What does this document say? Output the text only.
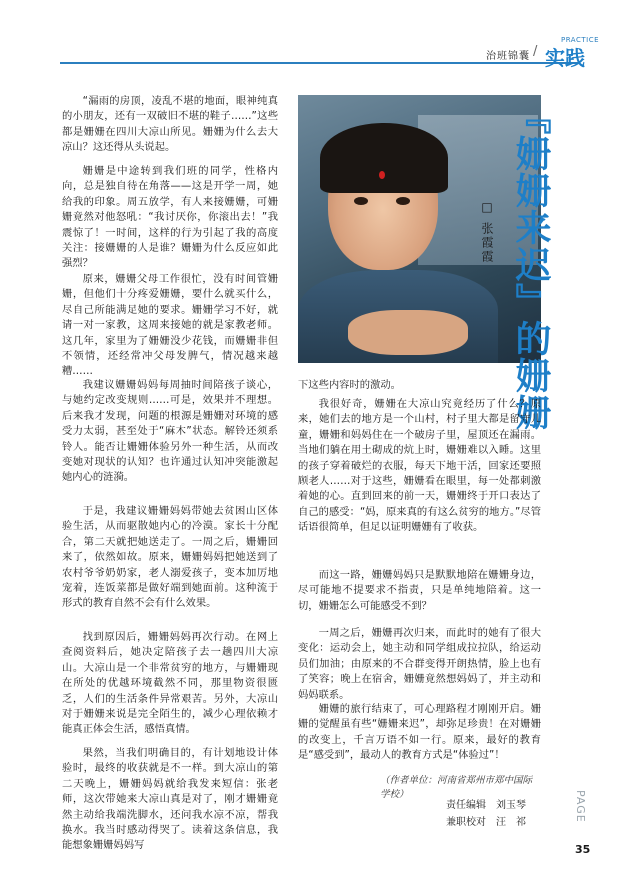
治班锦囊 /
PRACTICE
实践
『姗姗来迟』的姗姗
□ 张霞霞

“漏雨的房顶，凌乱不堪的地面，眼神纯真的小朋友，还有一双破旧不堪的鞋子……”这些都是姗姗在四川大凉山所见。姗姗为什么去大凉山？这还得从头说起。

姗姗是中途转到我们班的同学，性格内向，总是独自待在角落——这是开学一周，她给我的印象。周五放学，有人来接姗姗，可姗姗竟然对他怒吼：“我讨厌你，你滚出去！”我震惊了！一时间，这样的行为引起了我的高度关注：接姗姗的人是谁？姗姗为什么反应如此强烈？

原来，姗姗父母工作很忙，没有时间管姗姗，但他们十分疼爱姗姗，要什么就买什么，尽自己所能满足她的要求。姗姗学习不好，就请一对一家教，这周来接她的就是家教老师。这几年，家里为了姗姗没少花钱，而姗姗非但不领情，还经常冲父母发脾气，情况越来越糟……

我建议姗姗妈妈每周抽时间陪孩子谈心，与她约定改变规则……可是，效果并不理想。后来我才发现，问题的根源是姗姗对环境的感受力太弱，甚至处于“麻木”状态。解铃还须系铃人。能否让姗姗体验另外一种生活，从而改变她对现状的认知？也许通过认知冲突能激起她内心的涟漪。

于是，我建议姗姗妈妈带她去贫困山区体验生活，从而驱散她内心的冷漠。家长十分配合，第二天就把她送走了。一周之后，姗姗回来了，依然如故。原来，姗姗妈妈把她送到了农村爷爷奶奶家，老人溺爱孩子，变本加厉地宠着，连饭菜都是做好端到她面前。这种流于形式的教育自然不会有什么效果。

找到原因后，姗姗妈妈再次行动。在网上查阅资料后，她决定陪孩子去一趟四川大凉山。大凉山是一个非常贫穷的地方，与姗姗现在所处的优越环境截然不同，那里物资很匮乏，人们的生活条件异常艰苦。另外，大凉山对于姗姗来说是完全陌生的，减少心理依赖才能真正体会生活，感悟真情。

果然，当我们明确目的，有计划地设计体验时，最终的收获就是不一样。到大凉山的第二天晚上，姗姗妈妈就给我发来短信：张老师，这次带她来大凉山真是对了，刚才姗姗竟然主动给我端洗脚水，还问我水凉不凉，帮我换水。我当时感动得哭了。读着这条信息，我能想象姗姗妈妈写

下这些内容时的激动。

我很好奇，姗姗在大凉山究竟经历了什么？原来，她们去的地方是一个山村，村子里大都是留守儿童，姗姗和妈妈住在一个破房子里，屋顶还在漏雨。当地们躺在用土砌成的炕上时，姗姗难以入睡。这里的孩子穿着破烂的衣服，每天下地干活，回家还要照顾老人……对于这些，姗姗看在眼里，每一处都刺激着她的心。直到回来的前一天，姗姗终于开口表达了自己的感受：“妈，原来真的有这么贫穷的地方。”尽管话语很简单，但足以证明姗姗有了收获。

而这一路，姗姗妈妈只是默默地陪在姗姗身边，尽可能地不提要求不指责，只是单纯地陪着。这一切，姗姗怎么可能感受不到？

一周之后，姗姗再次归来，而此时的她有了很大变化：运动会上，她主动和同学组成拉拉队，给运动员们加油；由原来的不合群变得开朗热情，脸上也有了笑容；晚上在宿舍，姗姗竟然想妈妈了，并主动和妈妈联系。

姗姗的旅行结束了，可心理路程才刚刚开启。姗姗的觉醒虽有些“姗姗来迟”，却弥足珍贵！在对姗姗的改变上，千言万语不如一行。原来，最好的教育是“感受到”，最动人的教育方式是“体验过”！

（作者单位：河南省郑州市郑中国际学校）
责任编辑　刘玉琴
兼职校对　汪　祁	PAGE
35
